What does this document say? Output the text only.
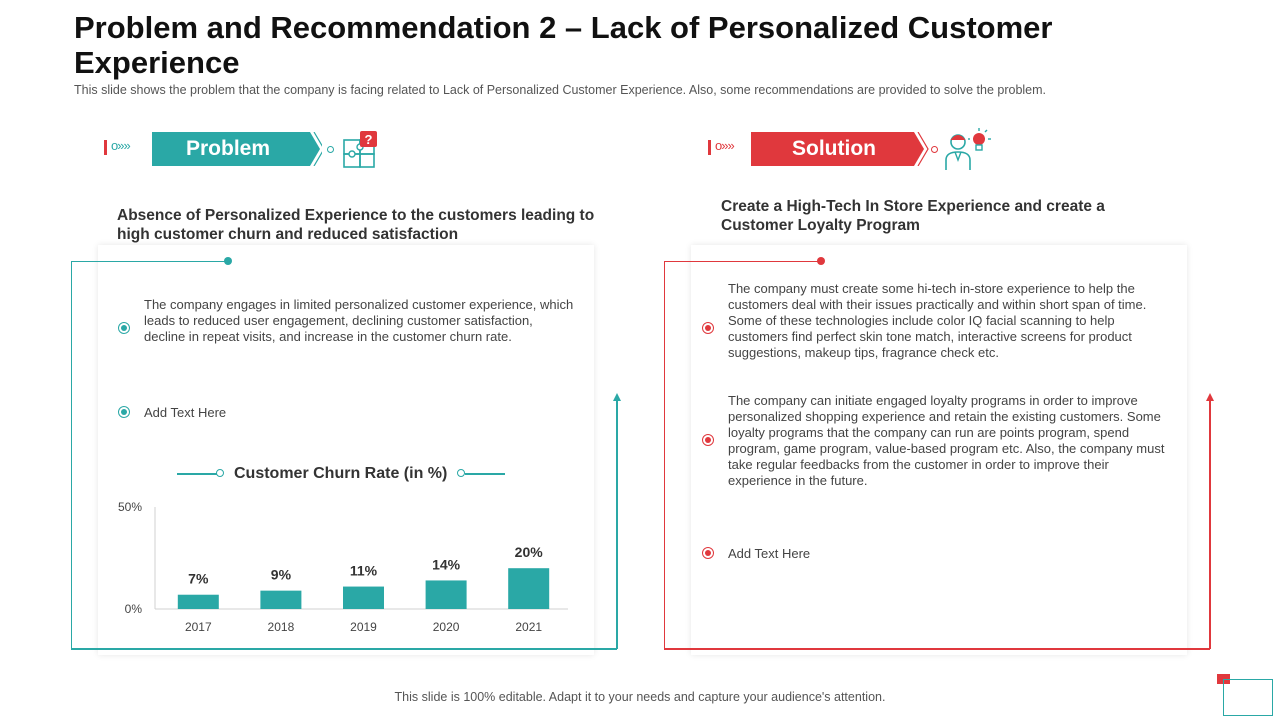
Problem and Recommendation 2 – Lack of Personalized Customer Experience
This slide shows the problem that the company is facing related to Lack of Personalized Customer Experience. Also, some recommendations are provided to solve the problem.
o»»	Problem	?
Absence of Personalized Experience to the customers leading to high customer churn and reduced satisfaction
The company engages in limited personalized customer experience, which leads to reduced user engagement, declining customer satisfaction, decline in repeat visits, and increase in the customer churn rate.
Add Text Here
Customer Churn Rate (in %)
50%
0%
7%
2017
9%
2018
11%
2019
14%
2020
20%
2021
o»»	Solution
Create a High-Tech In Store Experience and create a Customer Loyalty Program
The company must create some hi-tech in-store experience to help the customers deal with their issues practically and within short span of time. Some of these technologies include color IQ facial scanning to help customers find perfect skin tone match, interactive screens for product suggestions, makeup tips, fragrance check etc.
The company can initiate engaged loyalty programs in order to improve personalized shopping experience and retain the existing customers. Some loyalty programs that the company can run are points program, spend program, game program, value-based program etc. Also, the company must take regular feedbacks from the customer in order to improve their experience in the future.
Add Text Here
This slide is 100% editable. Adapt it to your needs and capture your audience's attention.
